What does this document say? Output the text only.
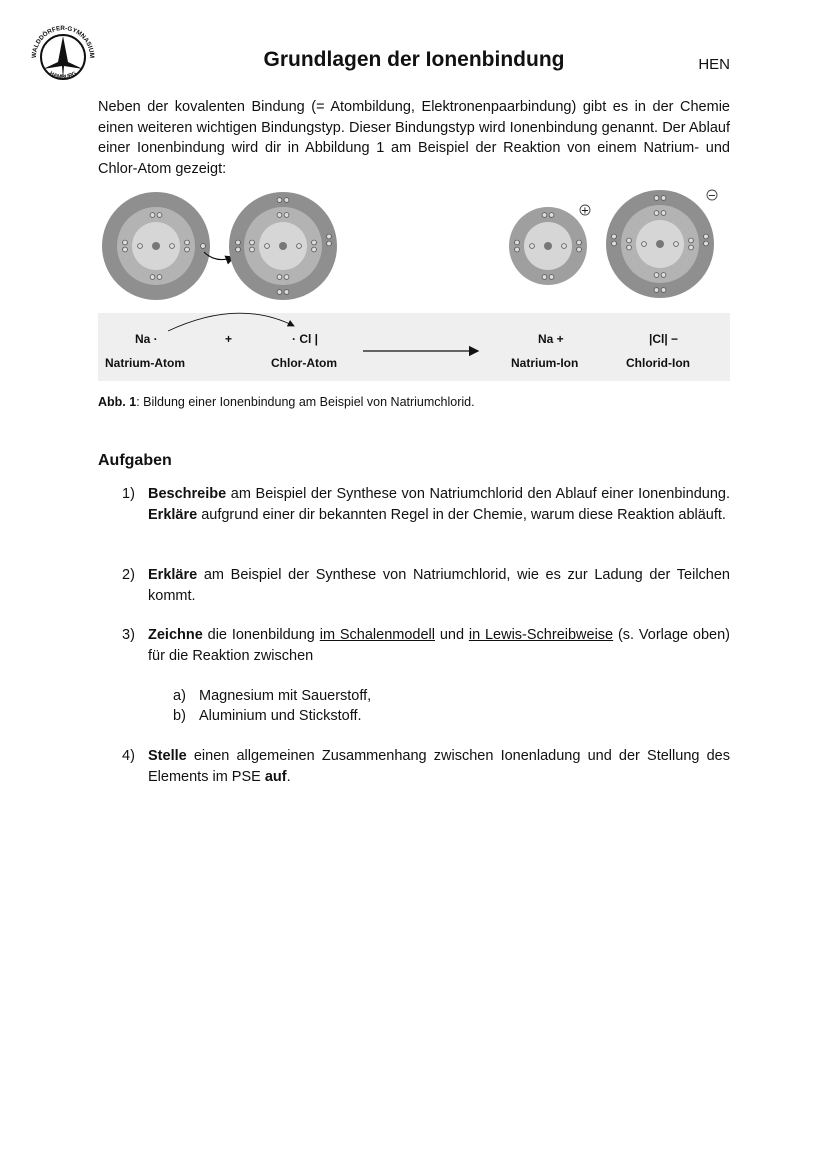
WALDDÖRFER-GYMNASIUM
HAMBURG
Grundlagen der Ionenbindung	HEN
Neben der kovalenten Bindung (= Atombildung, Elektronenpaarbindung) gibt es in der Chemie einen weiteren wichtigen Bindungstyp. Dieser Bindungstyp wird Ionenbindung genannt. Der Ablauf einer Ionenbindung wird dir in Abbildung 1 am Beispiel der Reaktion von einem Natrium- und Chlor-Atom gezeigt:
+
−
Na ·	+	· Cl |	Na +	|Cl| −
Natrium-Atom	Chlor-Atom	Natrium-Ion	Chlorid-Ion
Abb. 1: Bildung einer Ionenbindung am Beispiel von Natriumchlorid.
Aufgaben
1) Beschreibe am Beispiel der Synthese von Natriumchlorid den Ablauf einer Ionenbindung. Erkläre aufgrund einer dir bekannten Regel in der Chemie, warum diese Reaktion abläuft.
2) Erkläre am Beispiel der Synthese von Natriumchlorid, wie es zur Ladung der Teilchen kommt.
3) Zeichne die Ionenbildung im Schalenmodell und in Lewis-Schreibweise (s. Vorlage oben) für die Reaktion zwischen
a) Magnesium mit Sauerstoff,
b) Aluminium und Stickstoff.
4) Stelle einen allgemeinen Zusammenhang zwischen Ionenladung und der Stellung des Elements im PSE auf.
